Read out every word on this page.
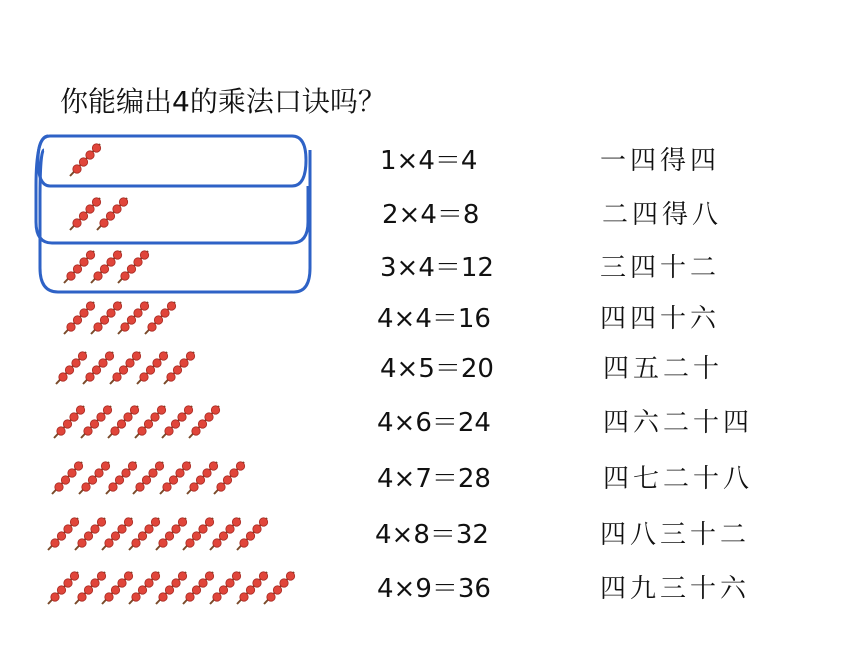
你能编出4的乘法口诀吗？
1×4＝4	一四得四
2×4＝8	二四得八
3×4＝12	三四十二
4×4＝16	四四十六
4×5＝20	四五二十
4×6＝24	四六二十四
4×7＝28	四七二十八
4×8＝32	四八三十二
4×9＝36	四九三十六
